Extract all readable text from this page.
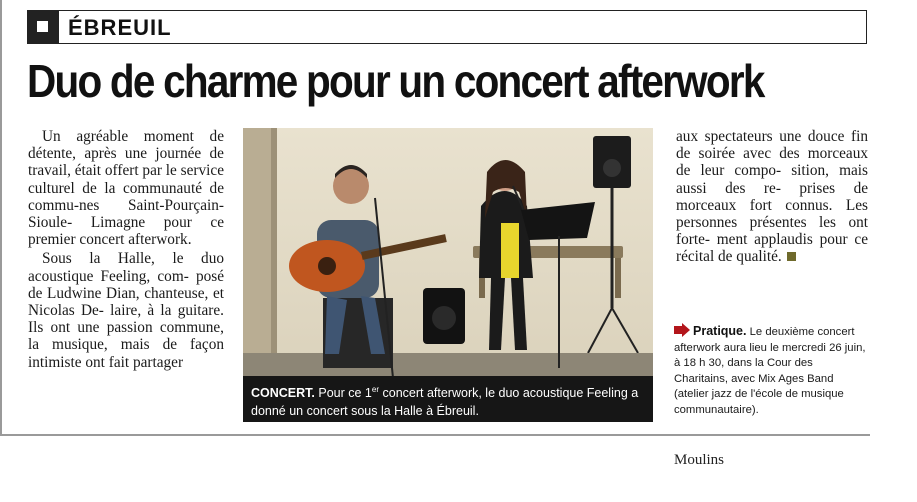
ÉBREUIL
Duo de charme pour un concert afterwork

Un agréable moment de détente, après une journée de travail, était offert par le service culturel de la communauté de commu-nes Saint-Pourçain-Sioule- Limagne pour ce premier concert afterwork.

Sous la Halle, le duo acoustique Feeling, com- posé de Ludwine Dian, chanteuse, et Nicolas De- laire, à la guitare. Ils ont une passion commune, la musique, mais de façon intimiste ont fait partager

CONCERT. Pour ce 1er concert afterwork, le duo acoustique Feeling a donné un concert sous la Halle à Ébreuil.

aux spectateurs une douce fin de soirée avec des morceaux de leur compo- sition, mais aussi des re- prises de morceaux fort connus. Les personnes présentes les ont forte- ment applaudis pour ce récital de qualité.

Pratique. Le deuxième concert afterwork aura lieu le mercredi 26 juin, à 18 h 30, dans la Cour des Charitains, avec Mix Ages Band (atelier jazz de l'école de musique communautaire).
Moulins
